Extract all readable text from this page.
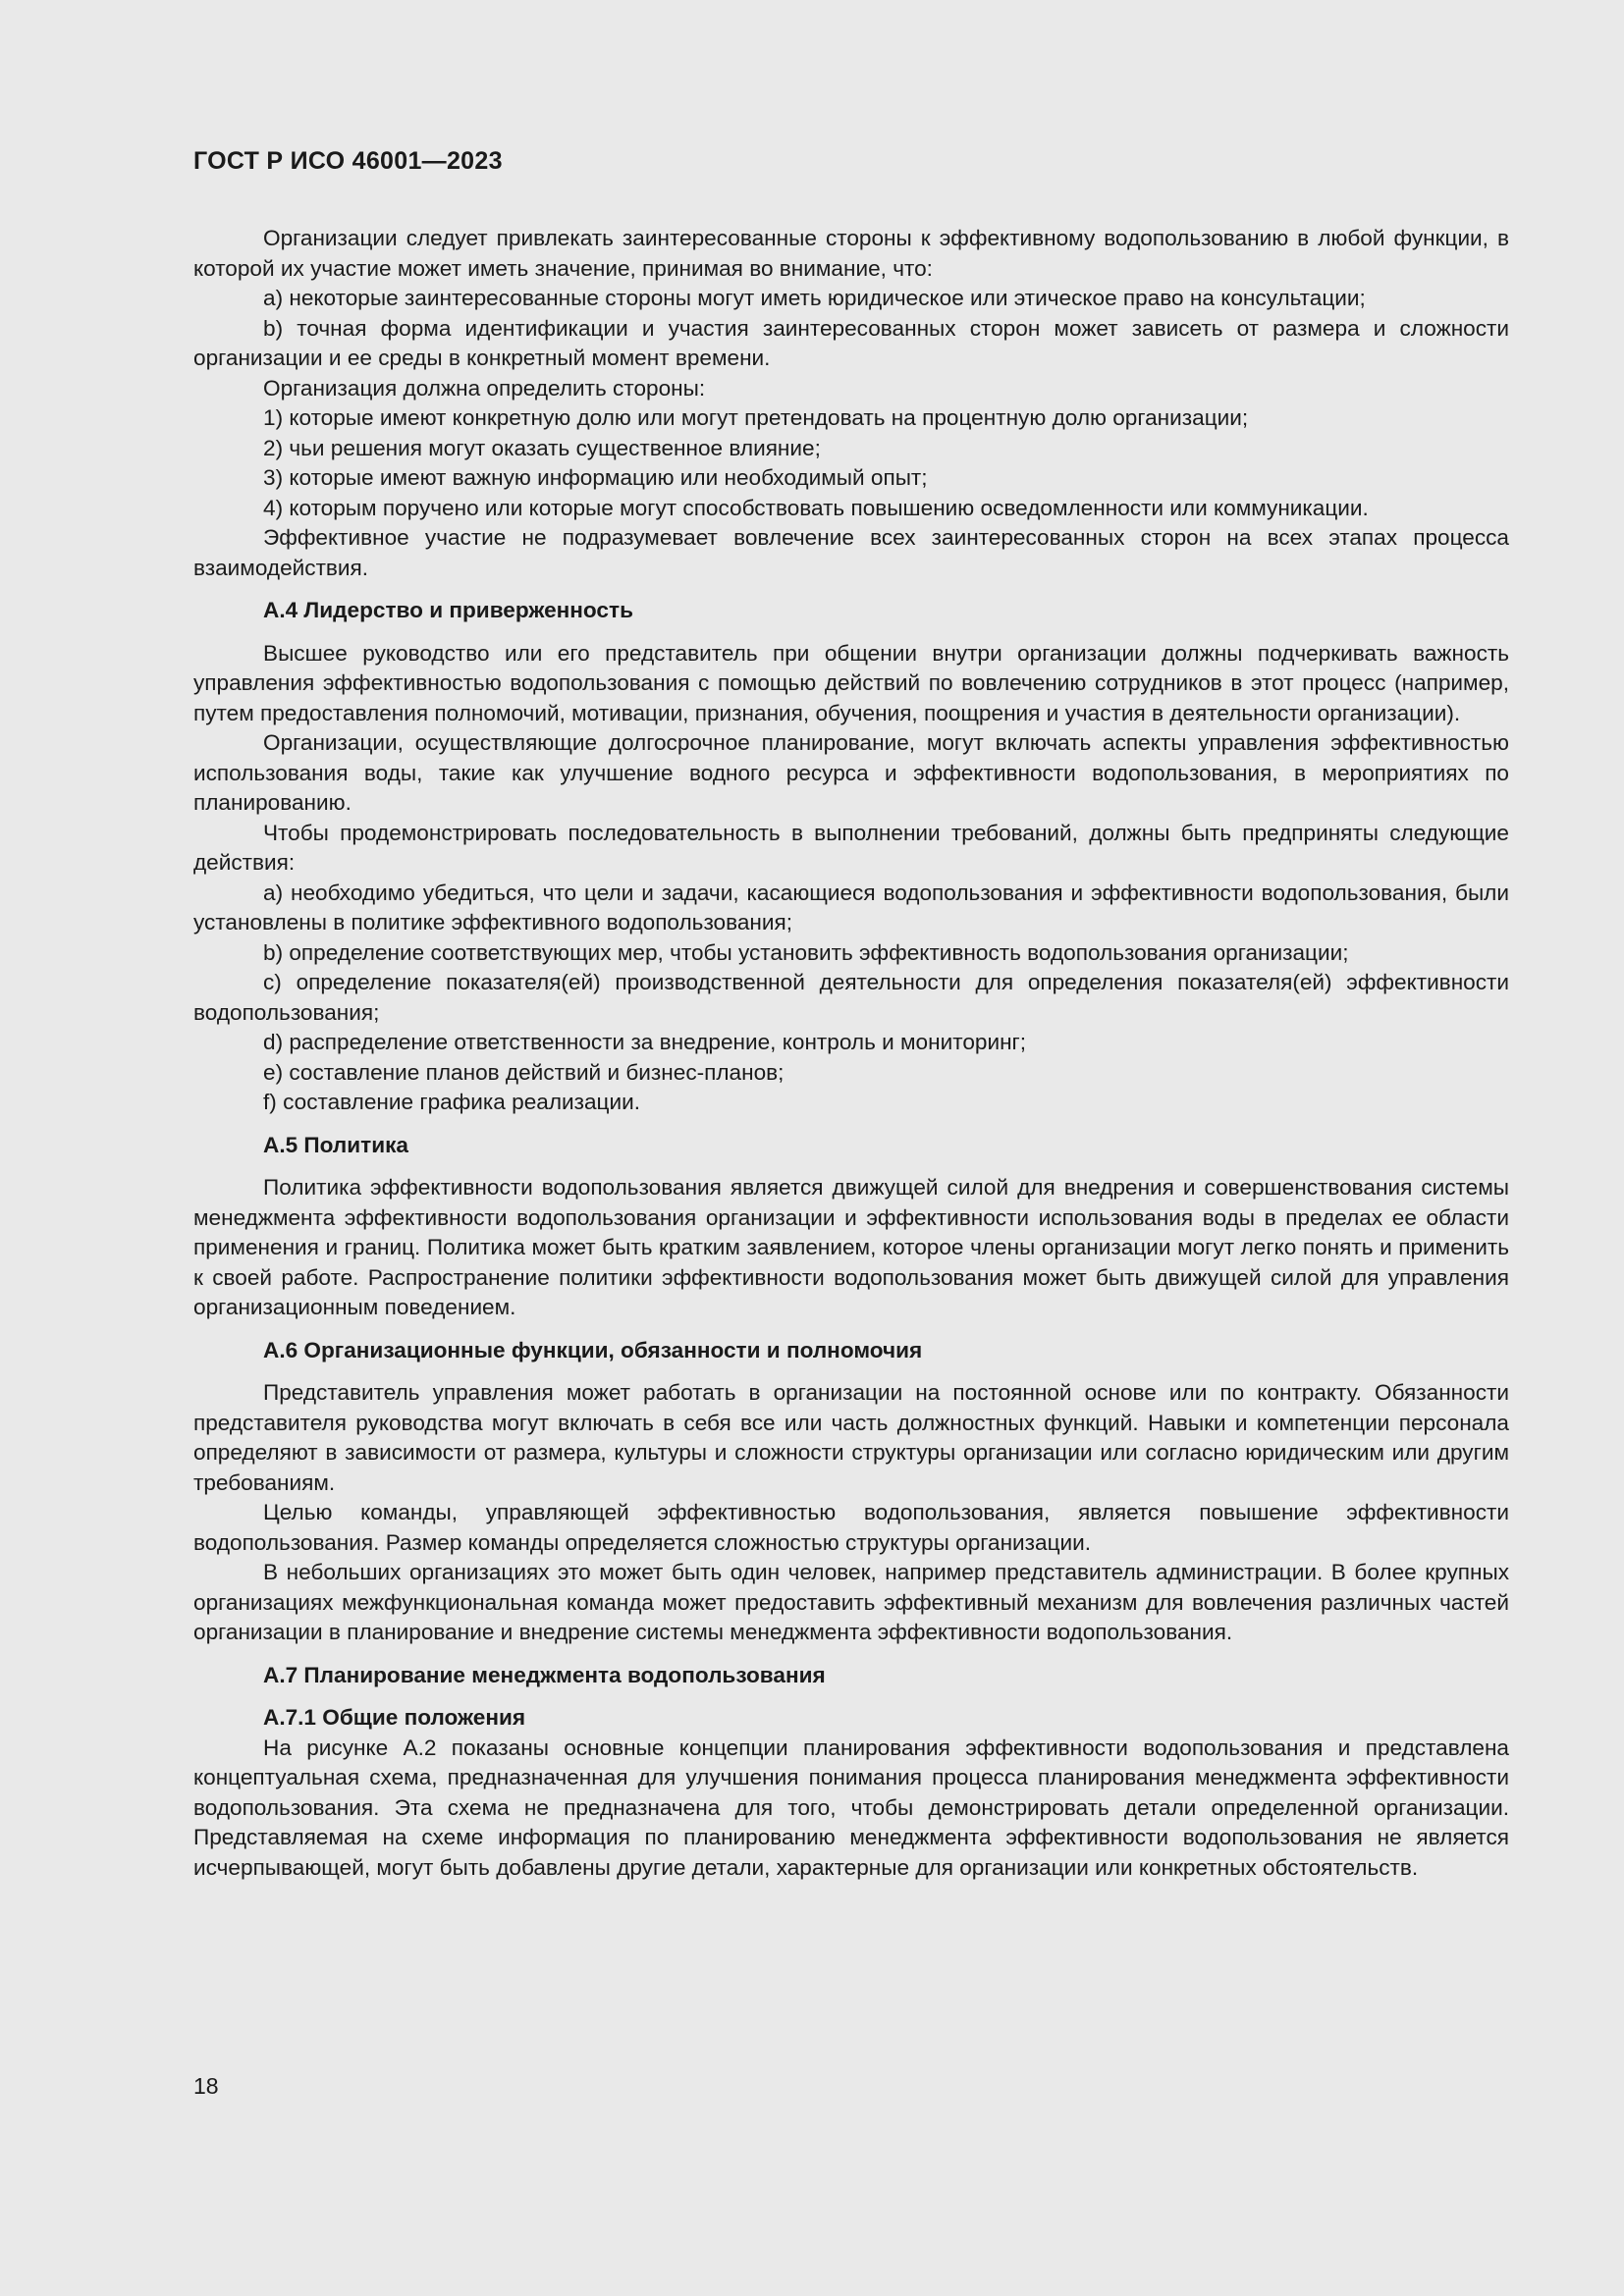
ГОСТ Р ИСО 46001—2023

Организации следует привлекать заинтересованные стороны к эффективному водопользованию в любой функции, в которой их участие может иметь значение, принимая во внимание, что:

a) некоторые заинтересованные стороны могут иметь юридическое или этическое право на консультации;

b) точная форма идентификации и участия заинтересованных сторон может зависеть от размера и сложности организации и ее среды в конкретный момент времени.

Организация должна определить стороны:

1) которые имеют конкретную долю или могут претендовать на процентную долю организации;

2) чьи решения могут оказать существенное влияние;

3) которые имеют важную информацию или необходимый опыт;

4) которым поручено или которые могут способствовать повышению осведомленности или коммуникации.

Эффективное участие не подразумевает вовлечение всех заинтересованных сторон на всех этапах процесса взаимодействия.

A.4 Лидерство и приверженность

Высшее руководство или его представитель при общении внутри организации должны подчеркивать важность управления эффективностью водопользования с помощью действий по вовлечению сотрудников в этот процесс (например, путем предоставления полномочий, мотивации, признания, обучения, поощрения и участия в деятельности организации).

Организации, осуществляющие долгосрочное планирование, могут включать аспекты управления эффективностью использования воды, такие как улучшение водного ресурса и эффективности водопользования, в мероприятиях по планированию.

Чтобы продемонстрировать последовательность в выполнении требований, должны быть предприняты следующие действия:

a) необходимо убедиться, что цели и задачи, касающиеся водопользования и эффективности водопользования, были установлены в политике эффективного водопользования;

b) определение соответствующих мер, чтобы установить эффективность водопользования организации;

c) определение показателя(ей) производственной деятельности для определения показателя(ей) эффективности водопользования;

d) распределение ответственности за внедрение, контроль и мониторинг;

e) составление планов действий и бизнес-планов;

f) составление графика реализации.

A.5 Политика

Политика эффективности водопользования является движущей силой для внедрения и совершенствования системы менеджмента эффективности водопользования организации и эффективности использования воды в пределах ее области применения и границ. Политика может быть кратким заявлением, которое члены организации могут легко понять и применить к своей работе. Распространение политики эффективности водопользования может быть движущей силой для управления организационным поведением.

A.6 Организационные функции, обязанности и полномочия

Представитель управления может работать в организации на постоянной основе или по контракту. Обязанности представителя руководства могут включать в себя все или часть должностных функций. Навыки и компетенции персонала определяют в зависимости от размера, культуры и сложности структуры организации или согласно юридическим или другим требованиям.

Целью команды, управляющей эффективностью водопользования, является повышение эффективности водопользования. Размер команды определяется сложностью структуры организации.

В небольших организациях это может быть один человек, например представитель администрации. В более крупных организациях межфункциональная команда может предоставить эффективный механизм для вовлечения различных частей организации в планирование и внедрение системы менеджмента эффективности водопользования.

A.7 Планирование менеджмента водопользования

A.7.1 Общие положения

На рисунке А.2 показаны основные концепции планирования эффективности водопользования и представлена концептуальная схема, предназначенная для улучшения понимания процесса планирования менеджмента эффективности водопользования. Эта схема не предназначена для того, чтобы демонстрировать детали определенной организации. Представляемая на схеме информация по планированию менеджмента эффективности водопользования не является исчерпывающей, могут быть добавлены другие детали, характерные для организации или конкретных обстоятельств.

18
